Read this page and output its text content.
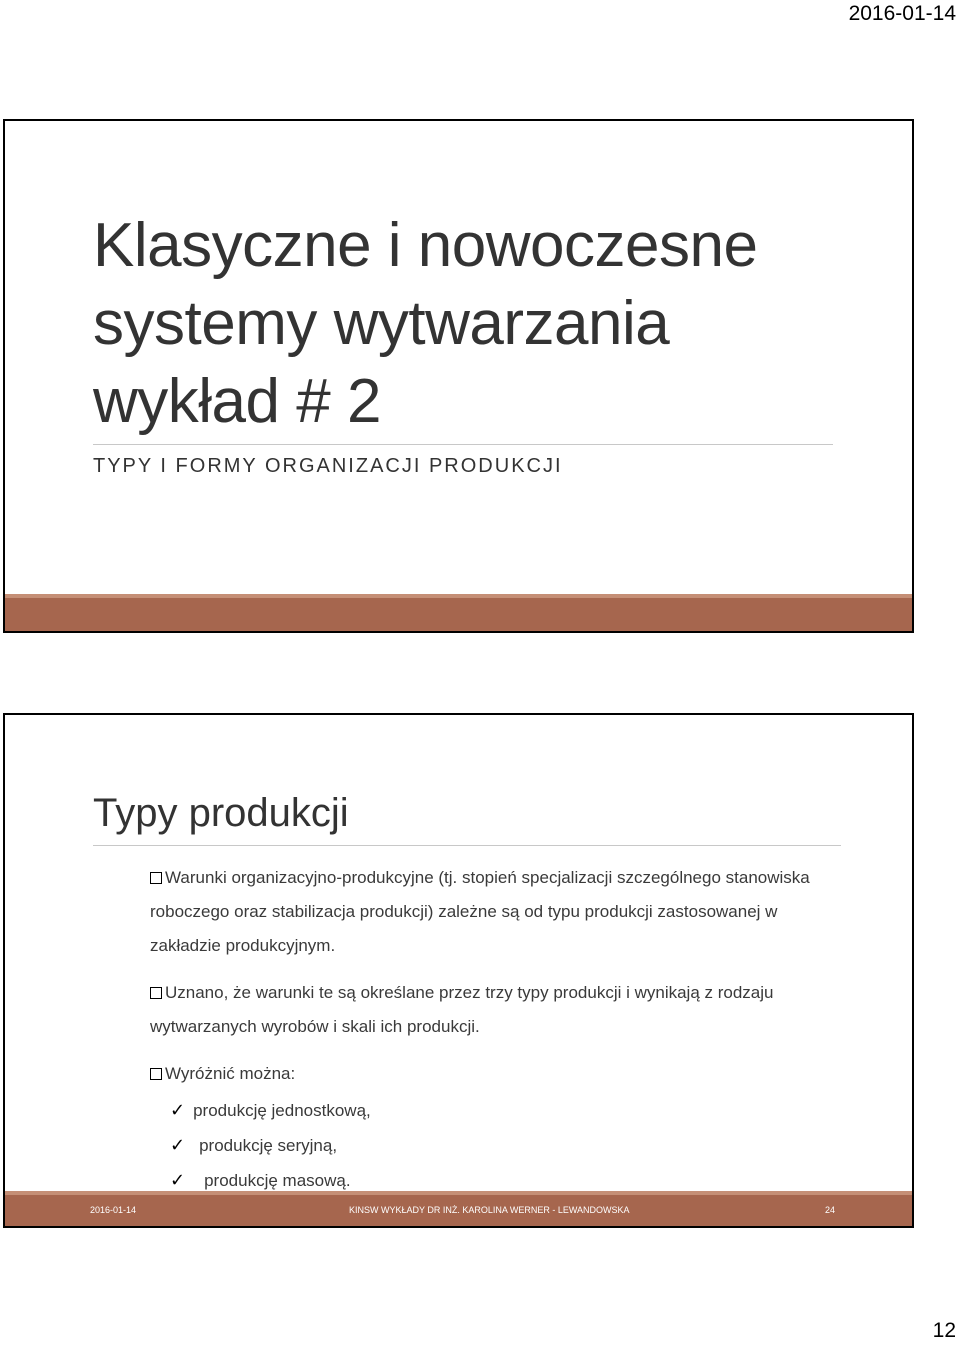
2016-01-14
Klasyczne i nowoczesne
systemy wytwarzania
wykład # 2
TYPY I FORMY ORGANIZACJI PRODUKCJI
Typy produkcji

Warunki organizacyjno-produkcyjne (tj. stopień specjalizacji szczególnego stanowiska roboczego oraz stabilizacja produkcji) zależne są od typu produkcji zastosowanej w zakładzie produkcyjnym.

Uznano, że warunki te są określane przez trzy typy produkcji i wynikają z rodzaju wytwarzanych wyrobów i skali ich produkcji.

Wyróżnić można:

✓ produkcję jednostkową,
✓ produkcję seryjną,
✓ produkcję masową.
2016-01-14	KINSW WYKŁADY DR INŻ. KAROLINA WERNER - LEWANDOWSKA	24
12
